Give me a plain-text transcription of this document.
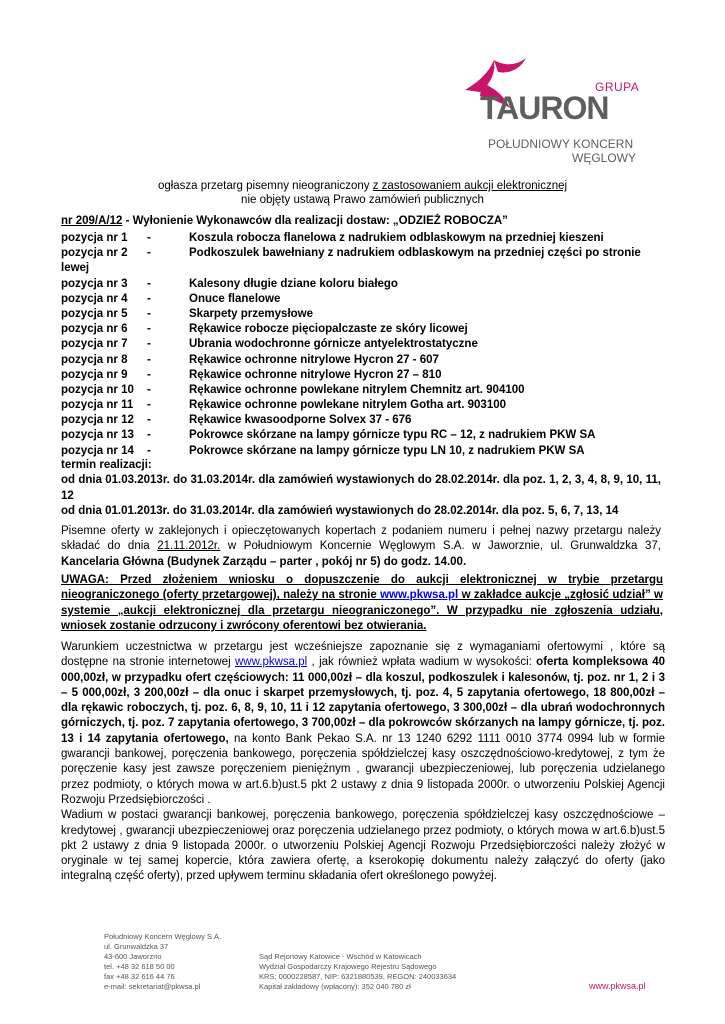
GRUPA
TAURON
POŁUDNIOWY KONCERN
WĘGLOWY
ogłasza przetarg pisemny nieograniczony z zastosowaniem aukcji elektronicznej
nie objęty ustawą Prawo zamówień publicznych
nr 209/A/12 - Wyłonienie Wykonawców dla realizacji dostaw: „ODZIEŻ ROBOCZA”
pozycja nr 1 -	Koszula robocza flanelowa z nadrukiem odblaskowym na przedniej kieszeni
pozycja nr 2 -	Podkoszulek bawełniany z nadrukiem odblaskowym na przedniej części po stronie
lewej
pozycja nr 3 -	Kalesony długie dziane koloru białego
pozycja nr 4 -	Onuce flanelowe
pozycja nr 5 -	Skarpety przemysłowe
pozycja nr 6 -	Rękawice robocze pięciopalczaste ze skóry licowej
pozycja nr 7 -	Ubrania wodochronne górnicze antyelektrostatyczne
pozycja nr 8 -	Rękawice ochronne nitrylowe Hycron 27 - 607
pozycja nr 9 -	Rękawice ochronne nitrylowe Hycron 27 – 810
pozycja nr 10 -	Rękawice ochronne powlekane nitrylem Chemnitz art. 904100
pozycja nr 11 -	Rękawice ochronne powlekane nitrylem Gotha art. 903100
pozycja nr 12 -	Rękawice kwasoodporne Solvex 37 - 676
pozycja nr 13 -	Pokrowce skórzane na lampy górnicze typu RC – 12, z nadrukiem PKW SA
pozycja nr 14 -	Pokrowce skórzane na lampy górnicze typu LN 10, z nadrukiem PKW SA

termin realizacji:

od dnia 01.03.2013r. do 31.03.2014r. dla zamówień wystawionych do 28.02.2014r. dla poz. 1, 2, 3, 4, 8, 9, 10, 11, 12

od dnia 01.01.2013r. do 31.03.2014r. dla zamówień wystawionych do 28.02.2014r. dla poz. 5, 6, 7, 13, 14

Pisemne oferty w zaklejonych i opieczętowanych kopertach z podaniem numeru i pełnej nazwy przetargu należy składać do dnia 21.11.2012r. w Południowym Koncernie Węglowym S.A. w Jaworznie, ul. Grunwaldzka 37, Kancelaria Główna (Budynek Zarządu – parter , pokój nr 5) do godz. 14.00.

UWAGA: Przed złożeniem wniosku o dopuszczenie do aukcji elektronicznej w trybie przetargu nieograniczonego (oferty przetargowej), należy na stronie www.pkwsa.pl w zakładce aukcje „zgłosić udział” w systemie „aukcji elektronicznej dla przetargu nieograniczonego”. W przypadku nie zgłoszenia udziału, wniosek zostanie odrzucony i zwrócony oferentowi bez otwierania.

Warunkiem uczestnictwa w przetargu jest wcześniejsze zapoznanie się z wymaganiami ofertowymi , które są dostępne na stronie internetowej www.pkwsa.pl , jak również wpłata wadium w wysokości: oferta kompleksowa 40 000,00zł, w przypadku ofert częściowych: 11 000,00zł – dla koszul, podkoszulek i kalesonów, tj. poz. nr 1, 2 i 3 – 5 000,00zł, 3 200,00zł – dla onuc i skarpet przemysłowych, tj. poz. 4, 5 zapytania ofertowego, 18 800,00zł – dla rękawic roboczych, tj. poz. 6, 8, 9, 10, 11 i 12 zapytania ofertowego, 3 300,00zł – dla ubrań wodochronnych górniczych, tj. poz. 7 zapytania ofertowego, 3 700,00zł – dla pokrowców skórzanych na lampy górnicze, tj. poz. 13 i 14 zapytania ofertowego, na konto Bank Pekao S.A. nr 13 1240 6292 1111 0010 3774 0994 lub w formie gwarancji bankowej, poręczenia bankowego, poręczenia spółdzielczej kasy oszczędnościowo-kredytowej, z tym że poręczenie kasy jest zawsze poręczeniem pieniężnym , gwarancji ubezpieczeniowej, lub poręczenia udzielanego przez podmioty, o których mowa w art.6.b)ust.5 pkt 2 ustawy z dnia 9 listopada 2000r. o utworzeniu Polskiej Agencji Rozwoju Przedsiębiorczości .

Wadium w postaci gwarancji bankowej, poręczenia bankowego, poręczenia spółdzielczej kasy oszczędnościowe – kredytowej , gwarancji ubezpieczeniowej oraz poręczenia udzielanego przez podmioty, o których mowa w art.6.b)ust.5 pkt 2 ustawy z dnia 9 listopada 2000r. o utworzeniu Polskiej Agencji Rozwoju Przedsiębiorczości należy złożyć w oryginale w tej samej kopercie, która zawiera ofertę, a kserokopię dokumentu należy załączyć do oferty (jako integralną część oferty), przed upływem terminu składania ofert określonego powyżej.

Południowy Koncern Węglowy S.A.
ul. Grunwaldzka 37
43-600 Jaworzno
tel. +48 32 618 50 00
fax +48 32 616 44 76
e-mail: sekretariat@pkwsa.pl
Sąd Rejonowy Katowice - Wschód w Katowicach
Wydział Gospodarczy Krajowego Rejestru Sądowego
KRS: 0000228587, NIP: 6321880539, REGON: 240033634
Kapitał zakładowy (wpłacony): 352 040 780 zł	www.pkwsa.pl
